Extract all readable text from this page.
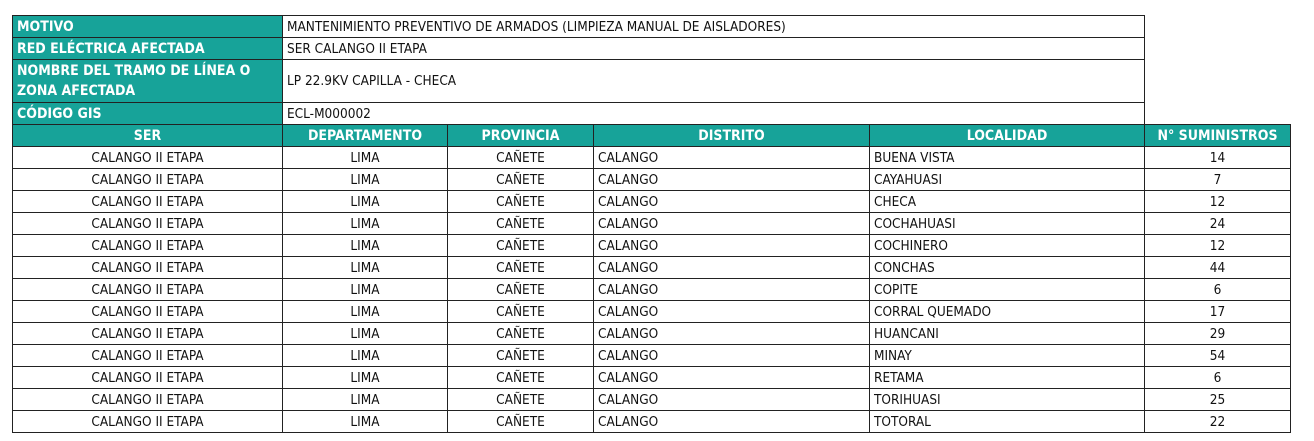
MOTIVO	MANTENIMIENTO PREVENTIVO DE ARMADOS (LIMPIEZA MANUAL DE AISLADORES)				
RED ELÉCTRICA AFECTADA	SER CALANGO II ETAPA				
NOMBRE DEL TRAMO DE LÍNEA O ZONA AFECTADA	LP 22.9KV CAPILLA - CHECA				
CÓDIGO GIS	ECL-M000002				
SER	DEPARTAMENTO	PROVINCIA	DISTRITO	LOCALIDAD	N° SUMINISTROS
CALANGO II ETAPA	LIMA	CAÑETE	CALANGO	BUENA VISTA	14
CALANGO II ETAPA	LIMA	CAÑETE	CALANGO	CAYAHUASI	7
CALANGO II ETAPA	LIMA	CAÑETE	CALANGO	CHECA	12
CALANGO II ETAPA	LIMA	CAÑETE	CALANGO	COCHAHUASI	24
CALANGO II ETAPA	LIMA	CAÑETE	CALANGO	COCHINERO	12
CALANGO II ETAPA	LIMA	CAÑETE	CALANGO	CONCHAS	44
CALANGO II ETAPA	LIMA	CAÑETE	CALANGO	COPITE	6
CALANGO II ETAPA	LIMA	CAÑETE	CALANGO	CORRAL QUEMADO	17
CALANGO II ETAPA	LIMA	CAÑETE	CALANGO	HUANCANI	29
CALANGO II ETAPA	LIMA	CAÑETE	CALANGO	MINAY	54
CALANGO II ETAPA	LIMA	CAÑETE	CALANGO	RETAMA	6
CALANGO II ETAPA	LIMA	CAÑETE	CALANGO	TORIHUASI	25
CALANGO II ETAPA	LIMA	CAÑETE	CALANGO	TOTORAL	22
